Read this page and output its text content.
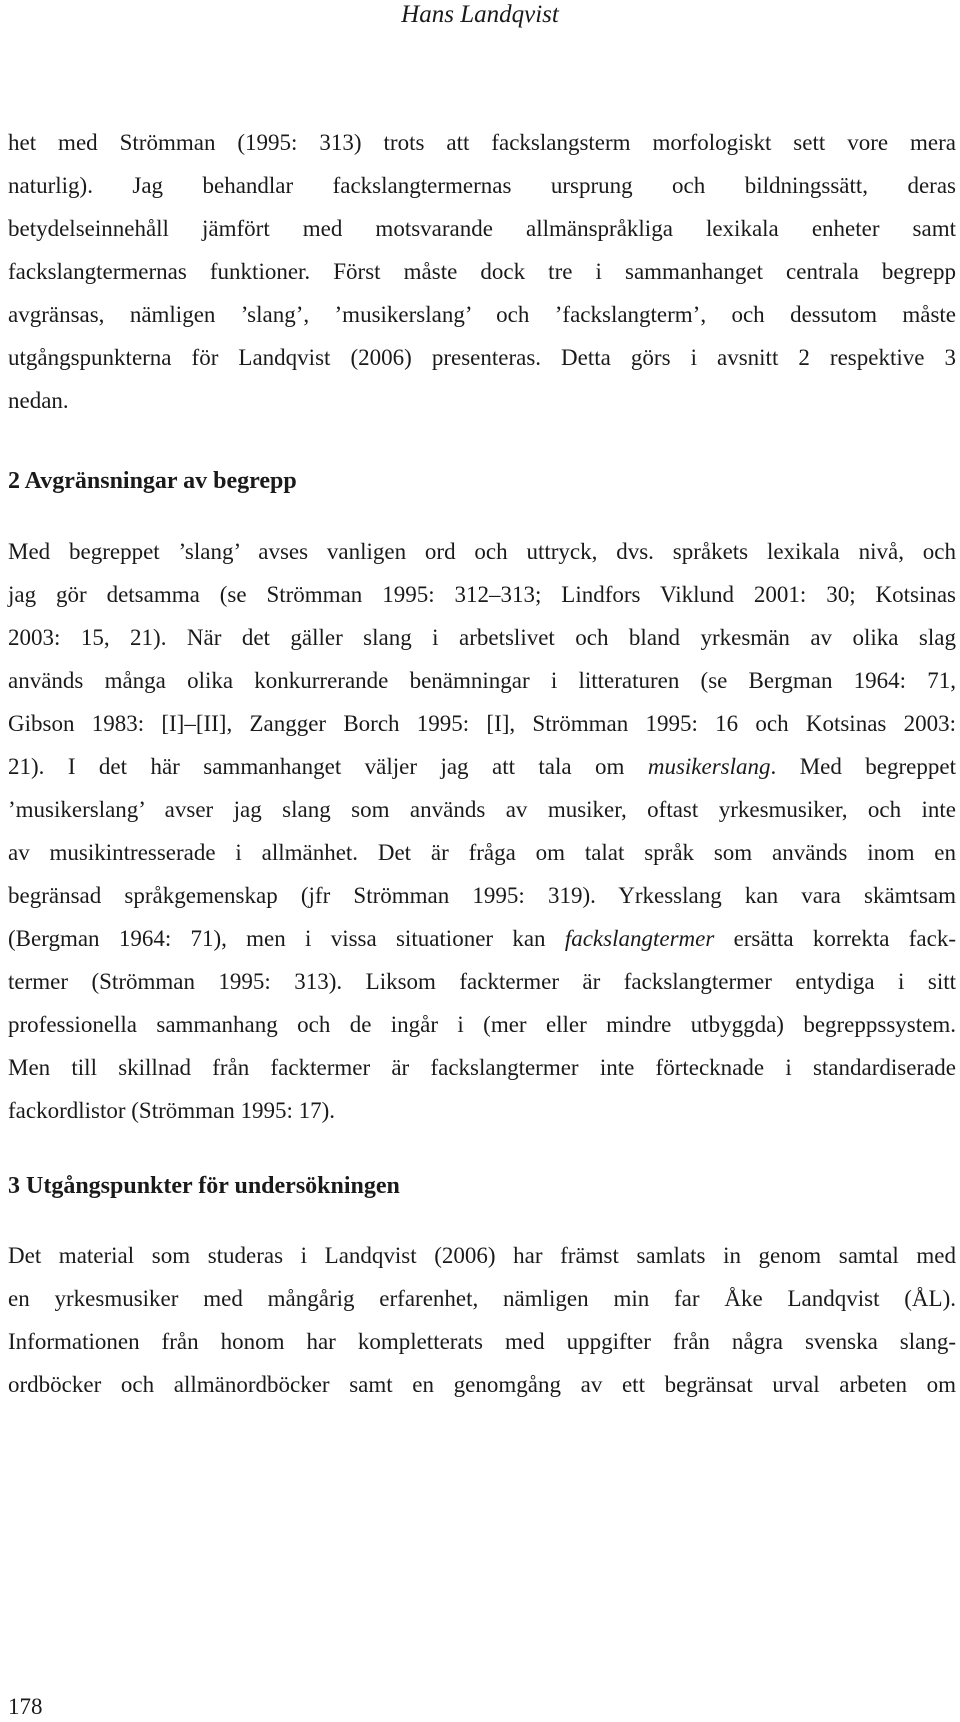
Hans Landqvist
het med Strömman (1995: 313) trots att fackslangsterm morfologiskt sett vore mera
naturlig). Jag behandlar fackslangtermernas ursprung och bildningssätt, deras
betydelseinnehåll jämfört med motsvarande allmänspråkliga lexikala enheter samt
fackslangtermernas funktioner. Först måste dock tre i sammanhanget centrala begrepp
avgränsas, nämligen ’slang’, ’musikerslang’ och ’fackslangterm’, och dessutom måste
utgångspunkterna för Landqvist (2006) presenteras. Detta görs i avsnitt 2 respektive 3
nedan.
2 Avgränsningar av begrepp
Med begreppet ’slang’ avses vanligen ord och uttryck, dvs. språkets lexikala nivå, och
jag gör detsamma (se Strömman 1995: 312–313; Lindfors Viklund 2001: 30; Kotsinas
2003: 15, 21). När det gäller slang i arbetslivet och bland yrkesmän av olika slag
används många olika konkurrerande benämningar i litteraturen (se Bergman 1964: 71,
Gibson 1983: [I]–[II], Zangger Borch 1995: [I], Strömman 1995: 16 och Kotsinas 2003:
21). I det här sammanhanget väljer jag att tala om musikerslang. Med begreppet
’musikerslang’ avser jag slang som används av musiker, oftast yrkesmusiker, och inte
av musikintresserade i allmänhet. Det är fråga om talat språk som används inom en
begränsad språkgemenskap (jfr Strömman 1995: 319). Yrkesslang kan vara skämtsam
(Bergman 1964: 71), men i vissa situationer kan fackslangtermer ersätta korrekta fack-
termer (Strömman 1995: 313). Liksom facktermer är fackslangtermer entydiga i sitt
professionella sammanhang och de ingår i (mer eller mindre utbyggda) begreppssystem.
Men till skillnad från facktermer är fackslangtermer inte förtecknade i standardiserade
fackordlistor (Strömman 1995: 17).
3 Utgångspunkter för undersökningen
Det material som studeras i Landqvist (2006) har främst samlats in genom samtal med
en yrkesmusiker med mångårig erfarenhet, nämligen min far Åke Landqvist (ÅL).
Informationen från honom har kompletterats med uppgifter från några svenska slang-
ordböcker och allmänordböcker samt en genomgång av ett begränsat urval arbeten om
178
